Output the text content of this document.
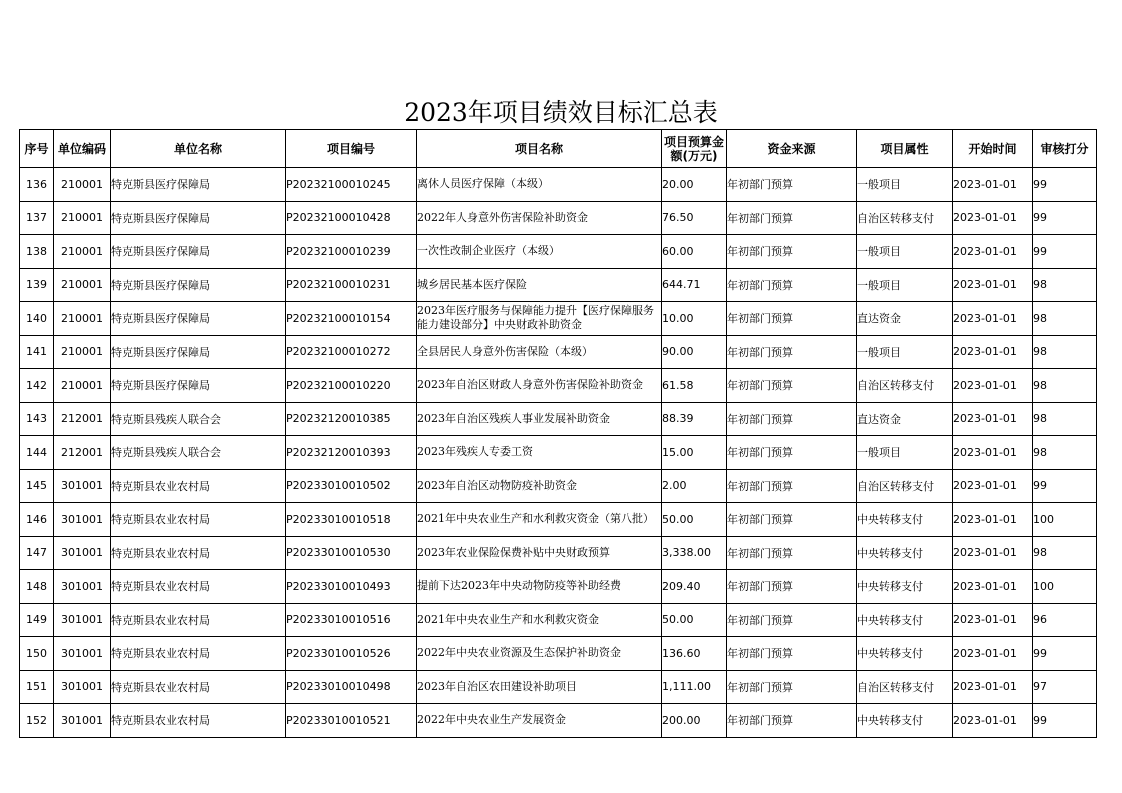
2023年项目绩效目标汇总表
序号	单位编码	单位名称	项目编号	项目名称	项目预算金额(万元)	资金来源	项目属性	开始时间	审核打分
136	210001	特克斯县医疗保障局	P20232100010245	离休人员医疗保障（本级）	20.00	年初部门预算	一般项目	2023-01-01	99
137	210001	特克斯县医疗保障局	P20232100010428	2022年人身意外伤害保险补助资金	76.50	年初部门预算	自治区转移支付	2023-01-01	99
138	210001	特克斯县医疗保障局	P20232100010239	一次性改制企业医疗（本级）	60.00	年初部门预算	一般项目	2023-01-01	99
139	210001	特克斯县医疗保障局	P20232100010231	城乡居民基本医疗保险	644.71	年初部门预算	一般项目	2023-01-01	98
140	210001	特克斯县医疗保障局	P20232100010154	2023年医疗服务与保障能力提升【医疗保障服务能力建设部分】中央财政补助资金	10.00	年初部门预算	直达资金	2023-01-01	98
141	210001	特克斯县医疗保障局	P20232100010272	全县居民人身意外伤害保险（本级）	90.00	年初部门预算	一般项目	2023-01-01	98
142	210001	特克斯县医疗保障局	P20232100010220	2023年自治区财政人身意外伤害保险补助资金	61.58	年初部门预算	自治区转移支付	2023-01-01	98
143	212001	特克斯县残疾人联合会	P20232120010385	2023年自治区残疾人事业发展补助资金	88.39	年初部门预算	直达资金	2023-01-01	98
144	212001	特克斯县残疾人联合会	P20232120010393	2023年残疾人专委工资	15.00	年初部门预算	一般项目	2023-01-01	98
145	301001	特克斯县农业农村局	P20233010010502	2023年自治区动物防疫补助资金	2.00	年初部门预算	自治区转移支付	2023-01-01	99
146	301001	特克斯县农业农村局	P20233010010518	2021年中央农业生产和水利救灾资金（第八批）	50.00	年初部门预算	中央转移支付	2023-01-01	100
147	301001	特克斯县农业农村局	P20233010010530	2023年农业保险保费补贴中央财政预算	3,338.00	年初部门预算	中央转移支付	2023-01-01	98
148	301001	特克斯县农业农村局	P20233010010493	提前下达2023年中央动物防疫等补助经费	209.40	年初部门预算	中央转移支付	2023-01-01	100
149	301001	特克斯县农业农村局	P20233010010516	2021年中央农业生产和水利救灾资金	50.00	年初部门预算	中央转移支付	2023-01-01	96
150	301001	特克斯县农业农村局	P20233010010526	2022年中央农业资源及生态保护补助资金	136.60	年初部门预算	中央转移支付	2023-01-01	99
151	301001	特克斯县农业农村局	P20233010010498	2023年自治区农田建设补助项目	1,111.00	年初部门预算	自治区转移支付	2023-01-01	97
152	301001	特克斯县农业农村局	P20233010010521	2022年中央农业生产发展资金	200.00	年初部门预算	中央转移支付	2023-01-01	99
